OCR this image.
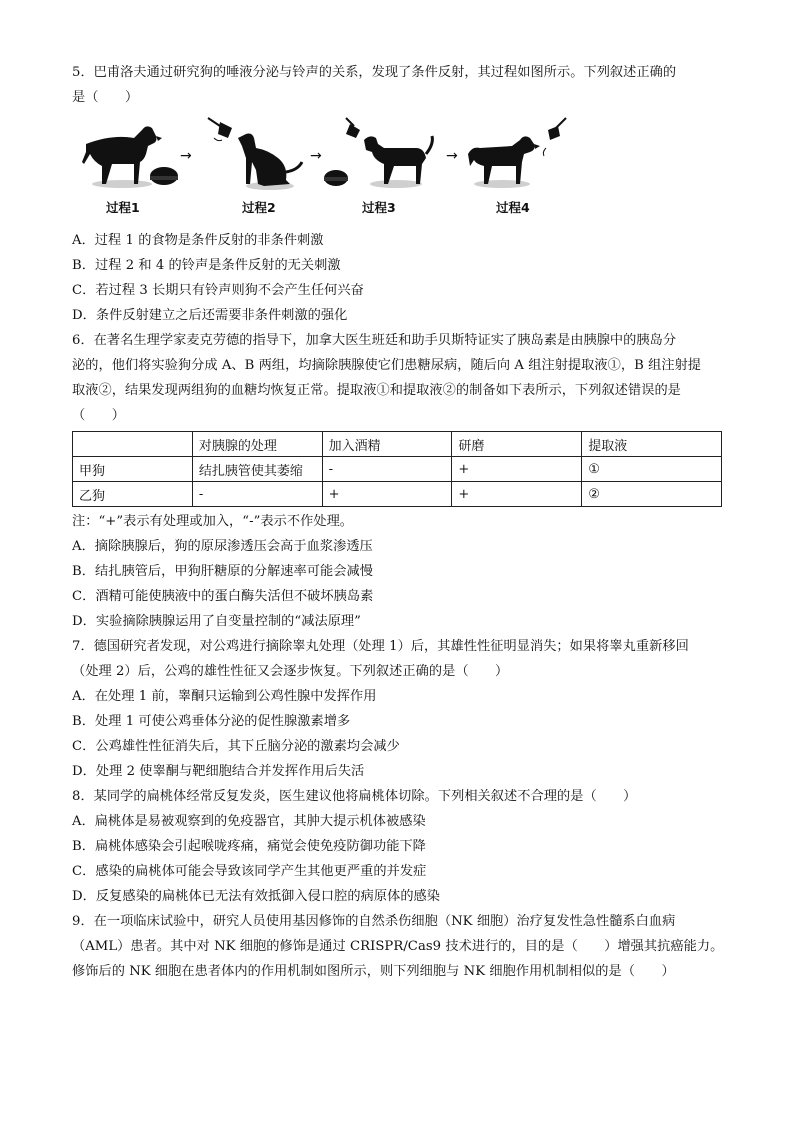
5．巴甫洛夫通过研究狗的唾液分泌与铃声的关系，发现了条件反射，其过程如图所示。下列叙述正确的
是（　　）
→	→	→
过程1	过程2	过程3	过程4
A．过程 1 的食物是条件反射的非条件刺激
B．过程 2 和 4 的铃声是条件反射的无关刺激
C．若过程 3 长期只有铃声则狗不会产生任何兴奋
D．条件反射建立之后还需要非条件刺激的强化
6．在著名生理学家麦克劳德的指导下，加拿大医生班廷和助手贝斯特证实了胰岛素是由胰腺中的胰岛分
泌的，他们将实验狗分成 A、B 两组，均摘除胰腺使它们患糖尿病，随后向 A 组注射提取液①，B 组注射提
取液②，结果发现两组狗的血糖均恢复正常。提取液①和提取液②的制备如下表所示，下列叙述错误的是
（　　）
	对胰腺的处理	加入酒精	研磨	提取液
甲狗	结扎胰管使其萎缩	-	+	①
乙狗	-	+	+	②
注：“+”表示有处理或加入，“-”表示不作处理。
A．摘除胰腺后，狗的原尿渗透压会高于血浆渗透压
B．结扎胰管后，甲狗肝糖原的分解速率可能会减慢
C．酒精可能使胰液中的蛋白酶失活但不破坏胰岛素
D．实验摘除胰腺运用了自变量控制的“减法原理”
7．德国研究者发现，对公鸡进行摘除睾丸处理（处理 1）后，其雄性性征明显消失；如果将睾丸重新移回
（处理 2）后，公鸡的雄性性征又会逐步恢复。下列叙述正确的是（　　）
A．在处理 1 前，睾酮只运输到公鸡性腺中发挥作用
B．处理 1 可使公鸡垂体分泌的促性腺激素增多
C．公鸡雄性性征消失后，其下丘脑分泌的激素均会减少
D．处理 2 使睾酮与靶细胞结合并发挥作用后失活
8．某同学的扁桃体经常反复发炎，医生建议他将扁桃体切除。下列相关叙述不合理的是（　　）
A．扁桃体是易被观察到的免疫器官，其肿大提示机体被感染
B．扁桃体感染会引起喉咙疼痛，痛觉会使免疫防御功能下降
C．感染的扁桃体可能会导致该同学产生其他更严重的并发症
D．反复感染的扁桃体已无法有效抵御入侵口腔的病原体的感染
9．在一项临床试验中，研究人员使用基因修饰的自然杀伤细胞（NK 细胞）治疗复发性急性髓系白血病
（AML）患者。其中对 NK 细胞的修饰是通过 CRISPR/Cas9 技术进行的，目的是（　　）增强其抗癌能力。
修饰后的 NK 细胞在患者体内的作用机制如图所示，则下列细胞与 NK 细胞作用机制相似的是（　　）
